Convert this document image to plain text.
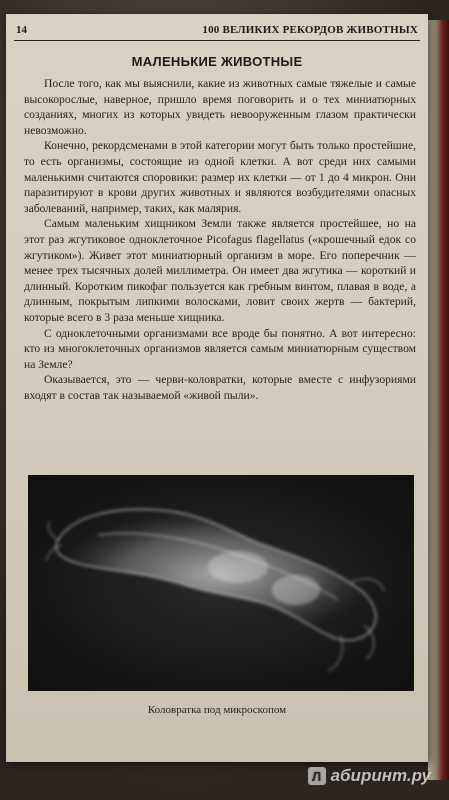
14	100 ВЕЛИКИХ РЕКОРДОВ ЖИВОТНЫХ
МАЛЕНЬКИЕ ЖИВОТНЫЕ

После того, как мы выяснили, какие из животных самые тяжелые и самые высокорослые, наверное, пришло время поговорить и о тех миниатюрных созданиях, многих из которых увидеть невооруженным глазом практически невозможно.

Конечно, рекордсменами в этой категории могут быть только простейшие, то есть организмы, состоящие из одной клетки. А вот среди них самыми маленькими считаются споровики: размер их клетки — от 1 до 4 микрон. Они паразитируют в крови других животных и являются возбудителями опасных заболеваний, например, таких, как малярия.

Самым маленьким хищником Земли также является простейшее, но на этот раз жгутиковое одноклеточное Picofagus flagellatus («крошечный едок со жгутиком»). Живет этот миниатюрный организм в море. Его поперечник — менее трех тысячных долей миллиметра. Он имеет два жгутика — короткий и длинный. Коротким пикофаг пользуется как гребным винтом, плавая в воде, а длинным, покрытым липкими волосками, ловит своих жертв — бактерий, которые всего в 3 раза меньше хищника.

С одноклеточными организмами все вроде бы понятно. А вот интересно: кто из многоклеточных организмов является самым миниатюрным существом на Земле?

Оказывается, это — черви-коловратки, которые вместе с инфузориями входят в состав так называемой «живой пыли».

Коловратка под микроскопом
Л абиринт.ру
